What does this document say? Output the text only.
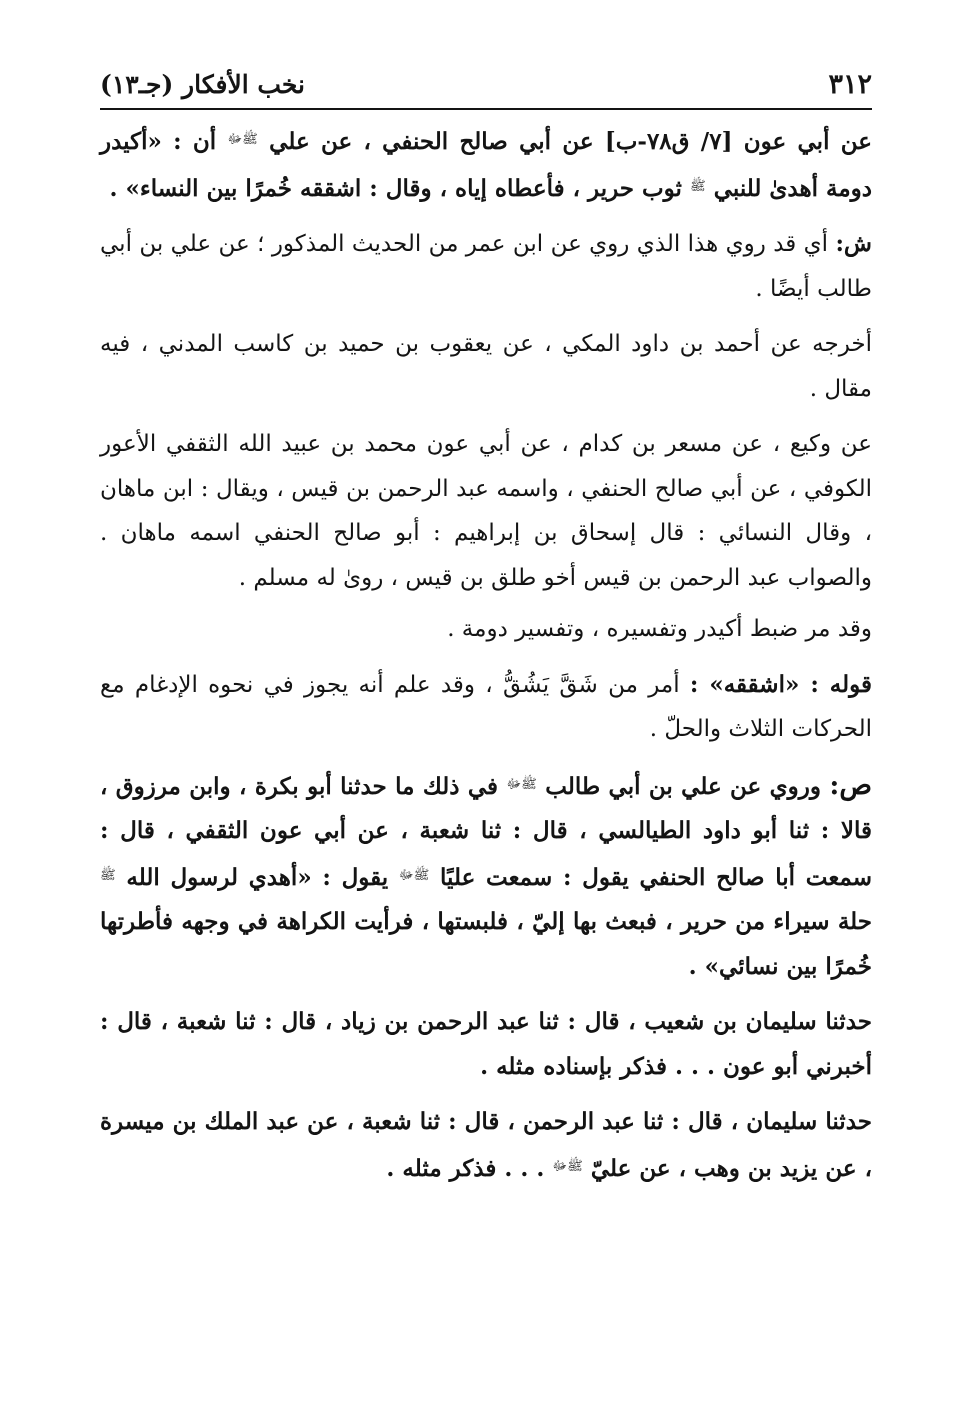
٣١٢
نخب الأفكار (جـ١٣)

عن أبي عون [٧/ ق٧٨-ب] عن أبي صالح الحنفي ، عن علي $^{ﷺﷻ}$ أن : «أكيدر دومة أهدىٰ للنبي $^ﷺ$ ثوب حرير ، فأعطاه إياه ، وقال : اشققه خُمرًا بين النساء» .

ش: أي قد روي هذا الذي روي عن ابن عمر من الحديث المذكور ؛ عن علي بن أبي طالب أيضًا .

أخرجه عن أحمد بن داود المكي ، عن يعقوب بن حميد بن كاسب المدني ، فيه مقال .

عن وكيع ، عن مسعر بن كدام ، عن أبي عون محمد بن عبيد الله الثقفي الأعور الكوفي ، عن أبي صالح الحنفي ، واسمه عبد الرحمن بن قيس ، ويقال : ابن ماهان ، وقال النسائي : قال إسحاق بن إبراهيم : أبو صالح الحنفي اسمه ماهان . والصواب عبد الرحمن بن قيس أخو طلق بن قيس ، روىٰ له مسلم .

وقد مر ضبط أكيدر وتفسيره ، وتفسير دومة .

قوله : «اشققه» : أمر من شَقَّ يَشُقُّ ، وقد علم أنه يجوز في نحوه الإدغام مع الحركات الثلاث والحلّ .

ص: وروي عن علي بن أبي طالب $^{ﷺﷻ}$ في ذلك ما حدثنا أبو بكرة ، وابن مرزوق ، قالا : ثنا أبو داود الطيالسي ، قال : ثنا شعبة ، عن أبي عون الثقفي ، قال : سمعت أبا صالح الحنفي يقول : سمعت عليًا $^{ﷺﷻ}$ يقول : «أهدي لرسول الله $^ﷺ$ حلة سيراء من حرير ، فبعث بها إليّ ، فلبستها ، فرأيت الكراهة في وجهه فأطرتها خُمرًا بين نسائي» .

حدثنا سليمان بن شعيب ، قال : ثنا عبد الرحمن بن زياد ، قال : ثنا شعبة ، قال : أخبرني أبو عون . . . فذكر بإسناده مثله .

حدثنا سليمان ، قال : ثنا عبد الرحمن ، قال : ثنا شعبة ، عن عبد الملك بن ميسرة ، عن يزيد بن وهب ، عن عليّ $^{ﷺﷻ}$ . . . فذكر مثله .
